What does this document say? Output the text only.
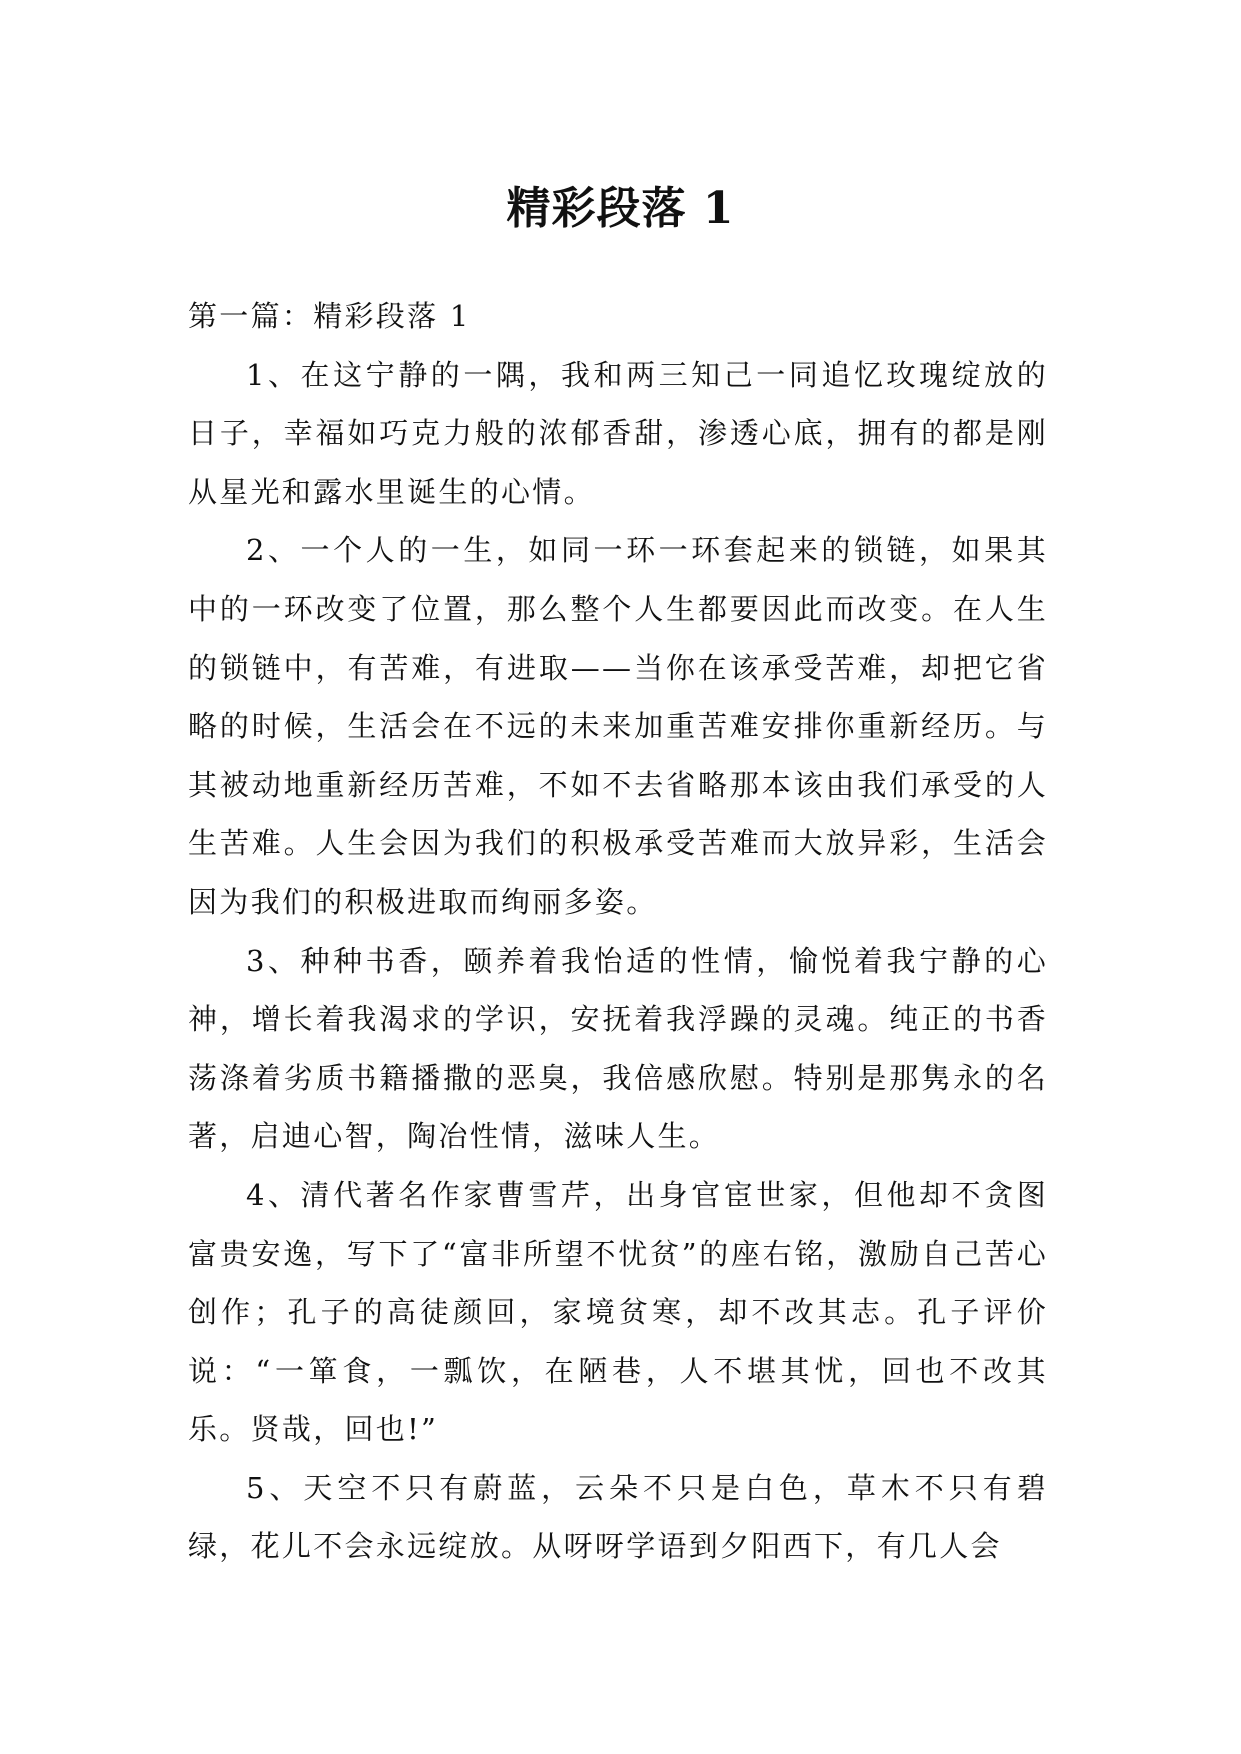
精彩段落 1

第一篇：精彩段落 1

1、在这宁静的一隅，我和两三知己一同追忆玫瑰绽放的日子，幸福如巧克力般的浓郁香甜，渗透心底，拥有的都是刚从星光和露水里诞生的心情。

2、一个人的一生，如同一环一环套起来的锁链，如果其中的一环改变了位置，那么整个人生都要因此而改变。在人生的锁链中，有苦难，有进取——当你在该承受苦难，却把它省略的时候，生活会在不远的未来加重苦难安排你重新经历。与其被动地重新经历苦难，不如不去省略那本该由我们承受的人生苦难。人生会因为我们的积极承受苦难而大放异彩，生活会因为我们的积极进取而绚丽多姿。

3、种种书香，颐养着我怡适的性情，愉悦着我宁静的心神，增长着我渴求的学识，安抚着我浮躁的灵魂。纯正的书香荡涤着劣质书籍播撒的恶臭，我倍感欣慰。特别是那隽永的名著，启迪心智，陶冶性情，滋味人生。

4、清代著名作家曹雪芹，出身官宦世家，但他却不贪图富贵安逸，写下了“富非所望不忧贫”的座右铭，激励自己苦心创作；孔子的高徒颜回，家境贫寒，却不改其志。孔子评价说：“一箪食，一瓢饮，在陋巷，人不堪其忧，回也不改其乐。贤哉，回也!”

5、天空不只有蔚蓝，云朵不只是白色，草木不只有碧绿，花儿不会永远绽放。从呀呀学语到夕阳西下，有几人会
